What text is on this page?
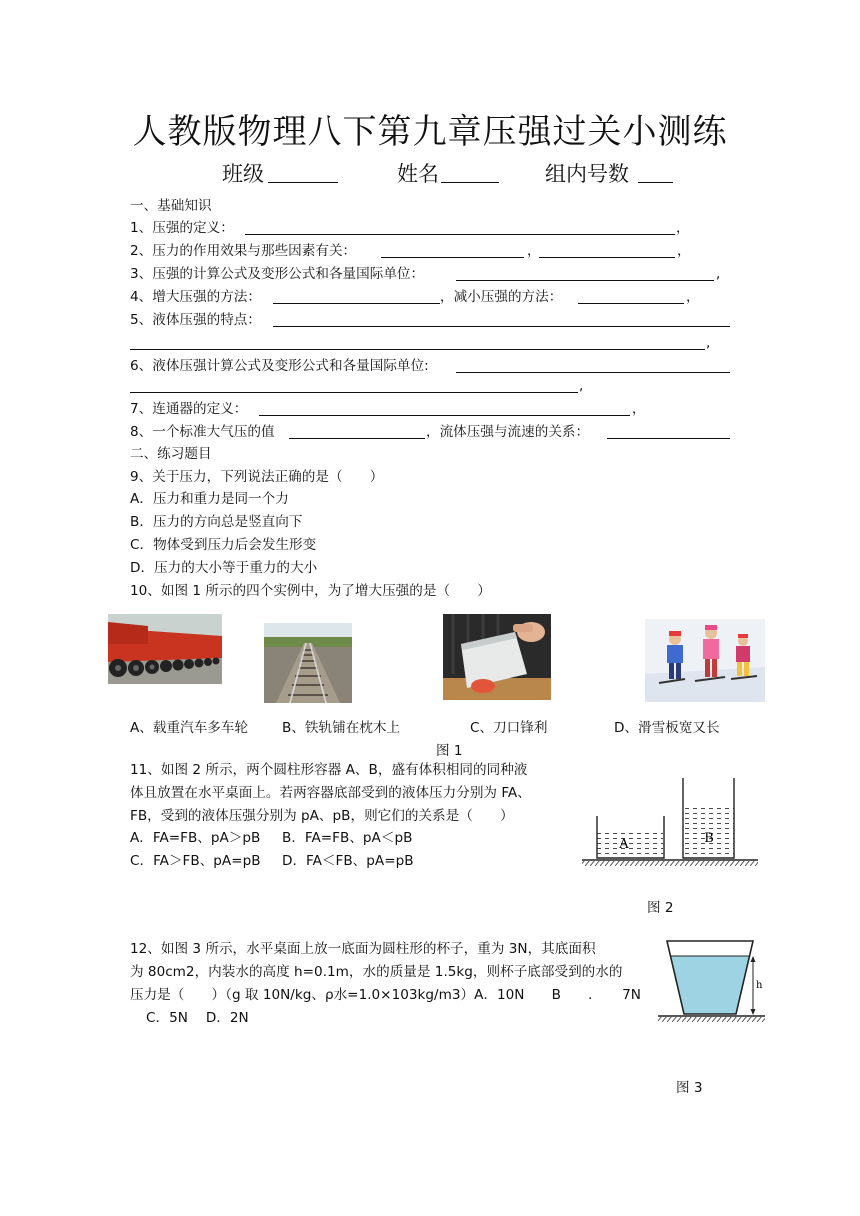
人教版物理八下第九章压强过关小测练
班级	姓名	组内号数
一、基础知识
1、压强的定义：	，
2、压力的作用效果与那些因素有关：	，	，
3、压强的计算公式及变形公式和各量国际单位：	,
4、增大压强的方法：	，减小压强的方法：	，
5、液体压强的特点：
,
6、液体压强计算公式及变形公式和各量国际单位:
,
7、连通器的定义：	，
8、一个标准大气压的值	，流体压强与流速的关系：
二、练习题目
9、关于压力，下列说法正确的是（　　）
A．压力和重力是同一个力
B．压力的方向总是竖直向下
C．物体受到压力后会发生形变
D．压力的大小等于重力的大小
10、如图 1 所示的四个实例中，为了增大压强的是（　　）
A、载重汽车多车轮 B、铁轨铺在枕木上	C、刀口锋利	D、滑雪板宽又长
图 1
11、如图 2 所示，两个圆柱形容器 A、B，盛有体积相同的同种液
体且放置在水平桌面上。若两容器底部受到的液体压力分别为 FA、
FB，受到的液体压强分别为 pA、pB，则它们的关系是（　　）
A．FA=FB、pA＞pB B．FA=FB、pA＜pB
C．FA＞FB、pA=pB D．FA＜FB、pA=pB
A	B
图 2
12、如图 3 所示，水平桌面上放一底面为圆柱形的杯子，重为 3N，其底面积
为 80cm2，内装水的高度 h=0.1m，水的质量是 1.5kg，则杯子底部受到的水的
压力是（　　）（g 取 10N/kg、ρ水=1.0×103kg/m3）A．10N　　B　　．　　7N
C．5N　 D．2N
h
图 3
